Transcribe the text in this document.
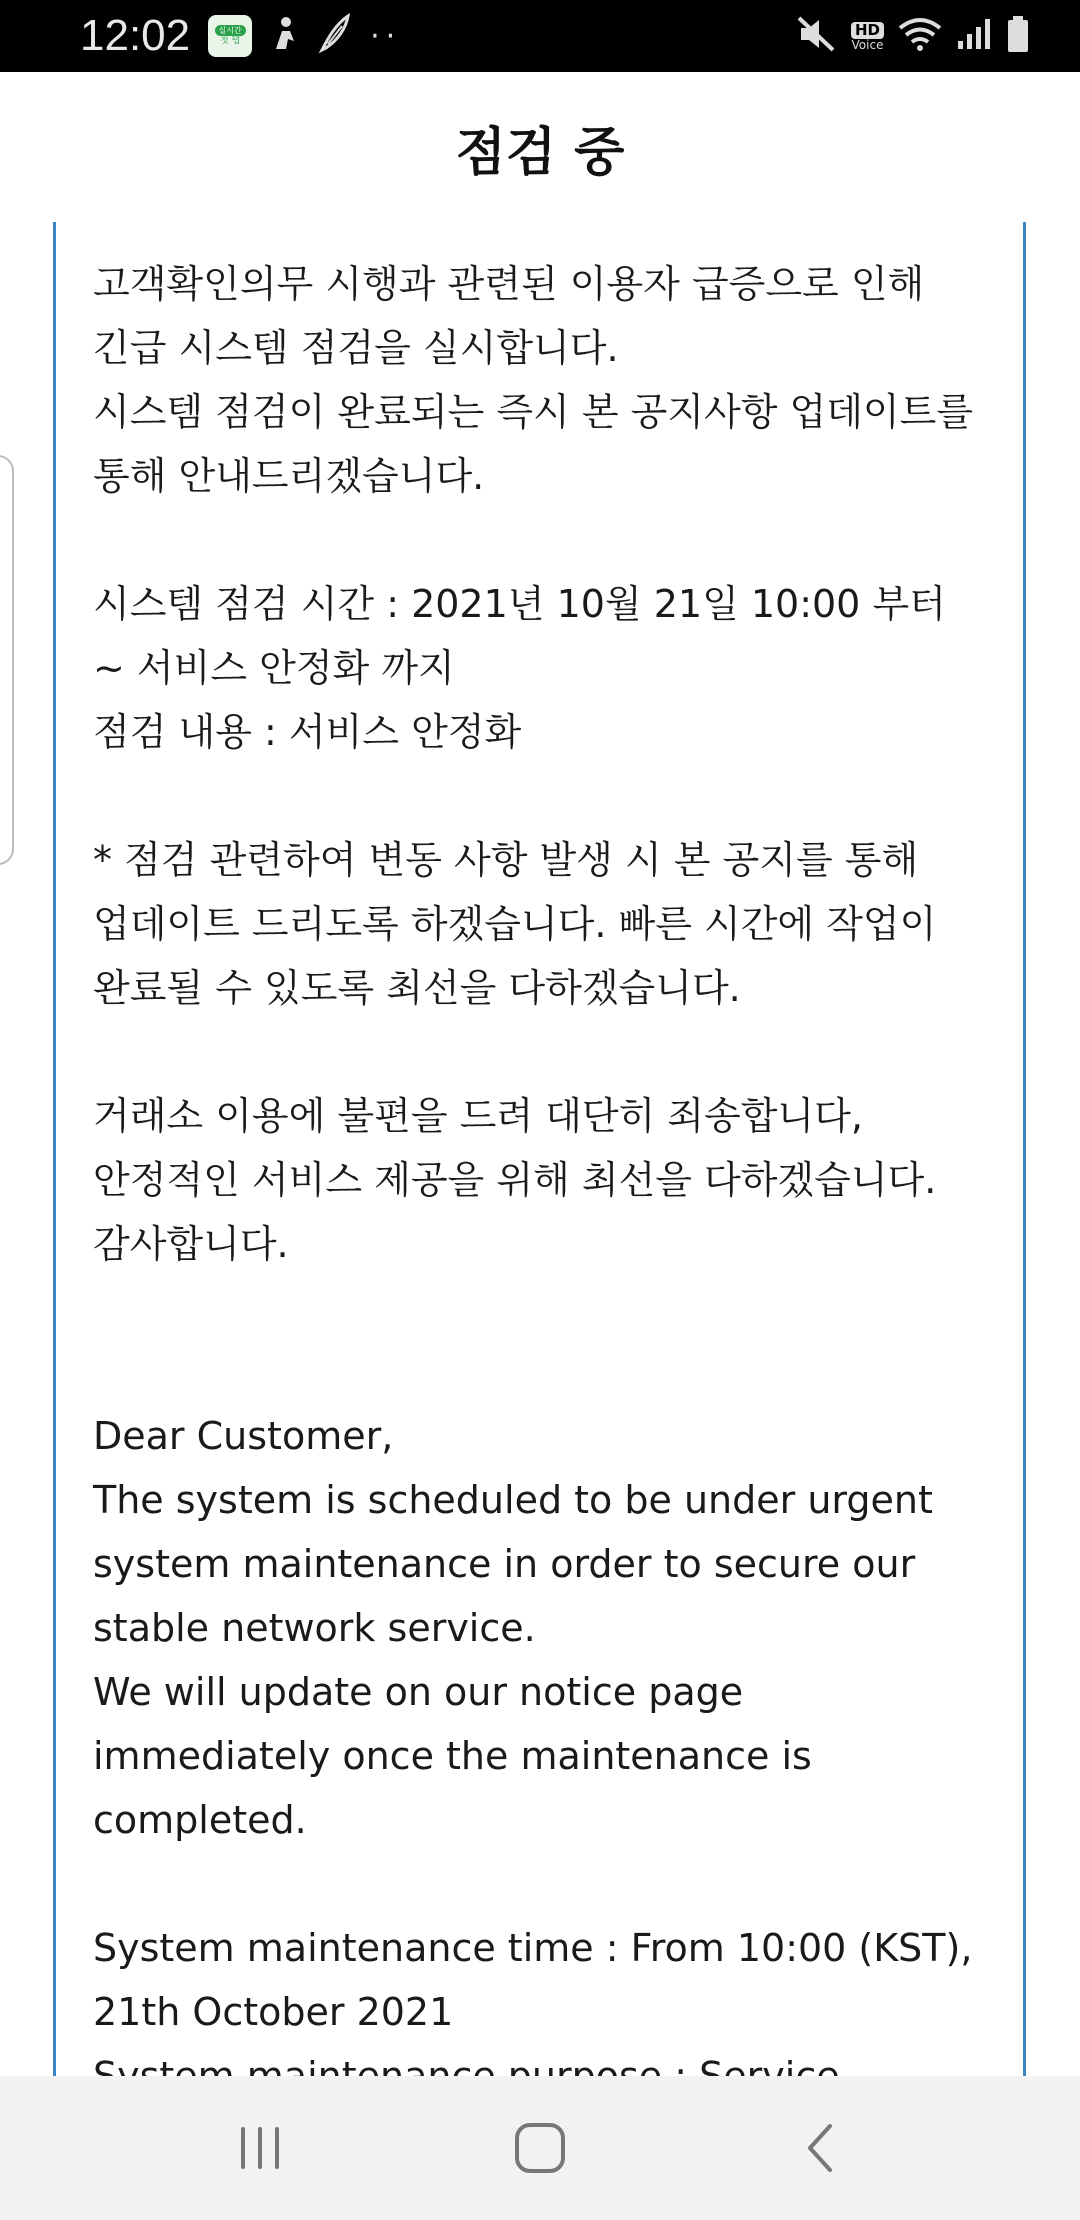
12:02	실시간
첫 탭	··	HD
Voice
점검 중

고객확인의무 시행과 관련된 이용자 급증으로 인해 긴급 시스템 점검을 실시합니다.

시스템 점검이 완료되는 즉시 본 공지사항 업데이트를 통해 안내드리겠습니다.

시스템 점검 시간 : 2021년 10월 21일 10:00 부터 ~ 서비스 안정화 까지

점검 내용 : 서비스 안정화

* 점검 관련하여 변동 사항 발생 시 본 공지를 통해 업데이트 드리도록 하겠습니다. 빠른 시간에 작업이 완료될 수 있도록 최선을 다하겠습니다.

거래소 이용에 불편을 드려 대단히 죄송합니다, 안정적인 서비스 제공을 위해 최선을 다하겠습니다.

감사합니다.

Dear Customer,

The system is scheduled to be under urgent system maintenance in order to secure our stable network service.

We will update on our notice page immediately once the maintenance is completed.

System maintenance time : From 10:00 (KST), 21th October 2021
